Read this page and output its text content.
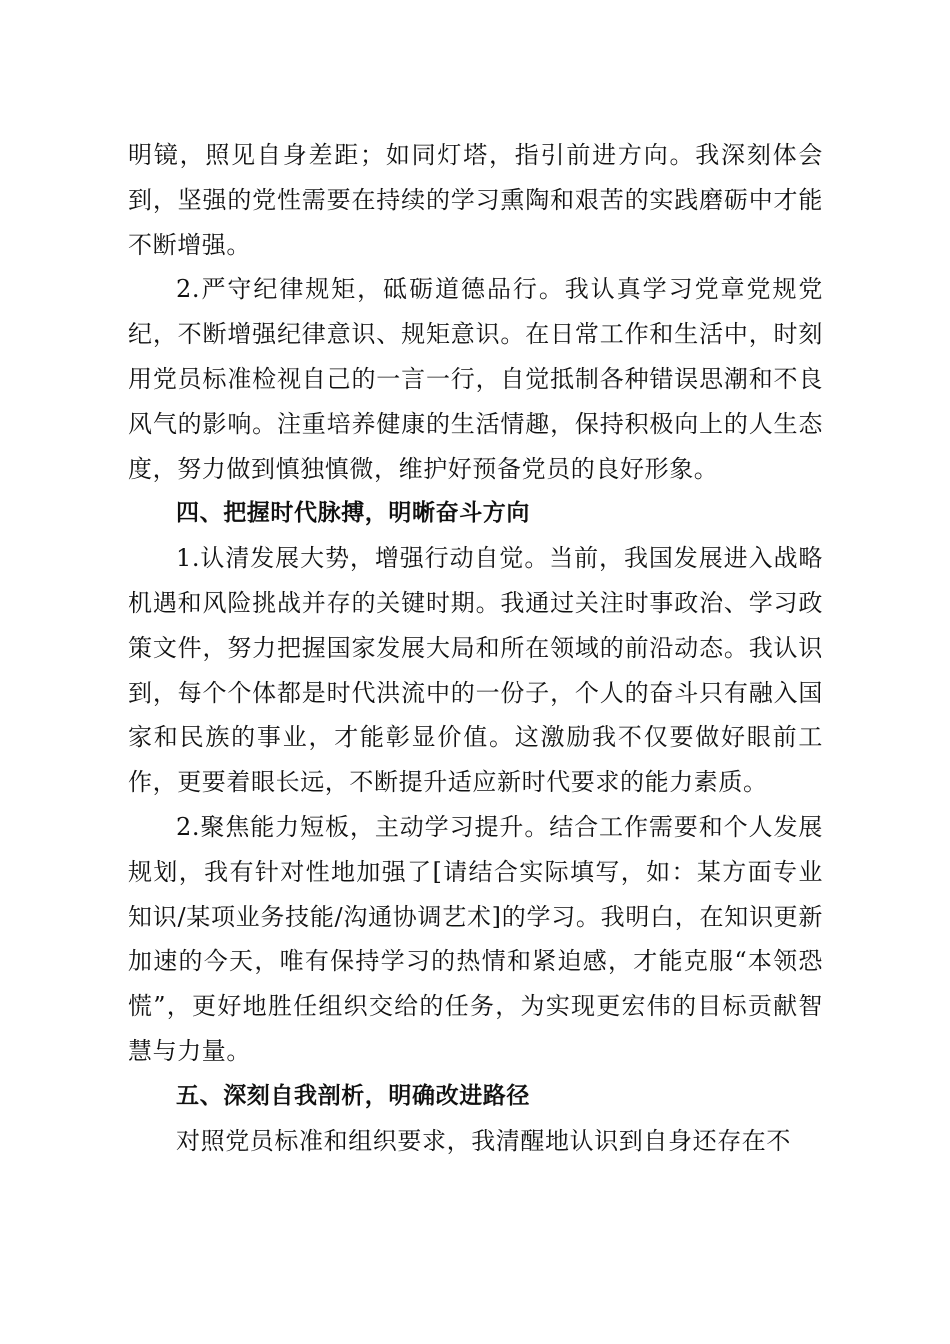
明镜，照见自身差距；如同灯塔，指引前进方向。我深刻体会到，坚强的党性需要在持续的学习熏陶和艰苦的实践磨砺中才能不断增强。

2.严守纪律规矩，砥砺道德品行。我认真学习党章党规党纪，不断增强纪律意识、规矩意识。在日常工作和生活中，时刻用党员标准检视自己的一言一行，自觉抵制各种错误思潮和不良风气的影响。注重培养健康的生活情趣，保持积极向上的人生态度，努力做到慎独慎微，维护好预备党员的良好形象。

四、把握时代脉搏，明晰奋斗方向

1.认清发展大势，增强行动自觉。当前，我国发展进入战略机遇和风险挑战并存的关键时期。我通过关注时事政治、学习政策文件，努力把握国家发展大局和所在领域的前沿动态。我认识到，每个个体都是时代洪流中的一份子，个人的奋斗只有融入国家和民族的事业，才能彰显价值。这激励我不仅要做好眼前工作，更要着眼长远，不断提升适应新时代要求的能力素质。

2.聚焦能力短板，主动学习提升。结合工作需要和个人发展规划，我有针对性地加强了[请结合实际填写，如：某方面专业知识/某项业务技能/沟通协调艺术]的学习。我明白，在知识更新加速的今天，唯有保持学习的热情和紧迫感，才能克服“本领恐慌”，更好地胜任组织交给的任务，为实现更宏伟的目标贡献智慧与力量。

五、深刻自我剖析，明确改进路径

对照党员标准和组织要求，我清醒地认识到自身还存在不
